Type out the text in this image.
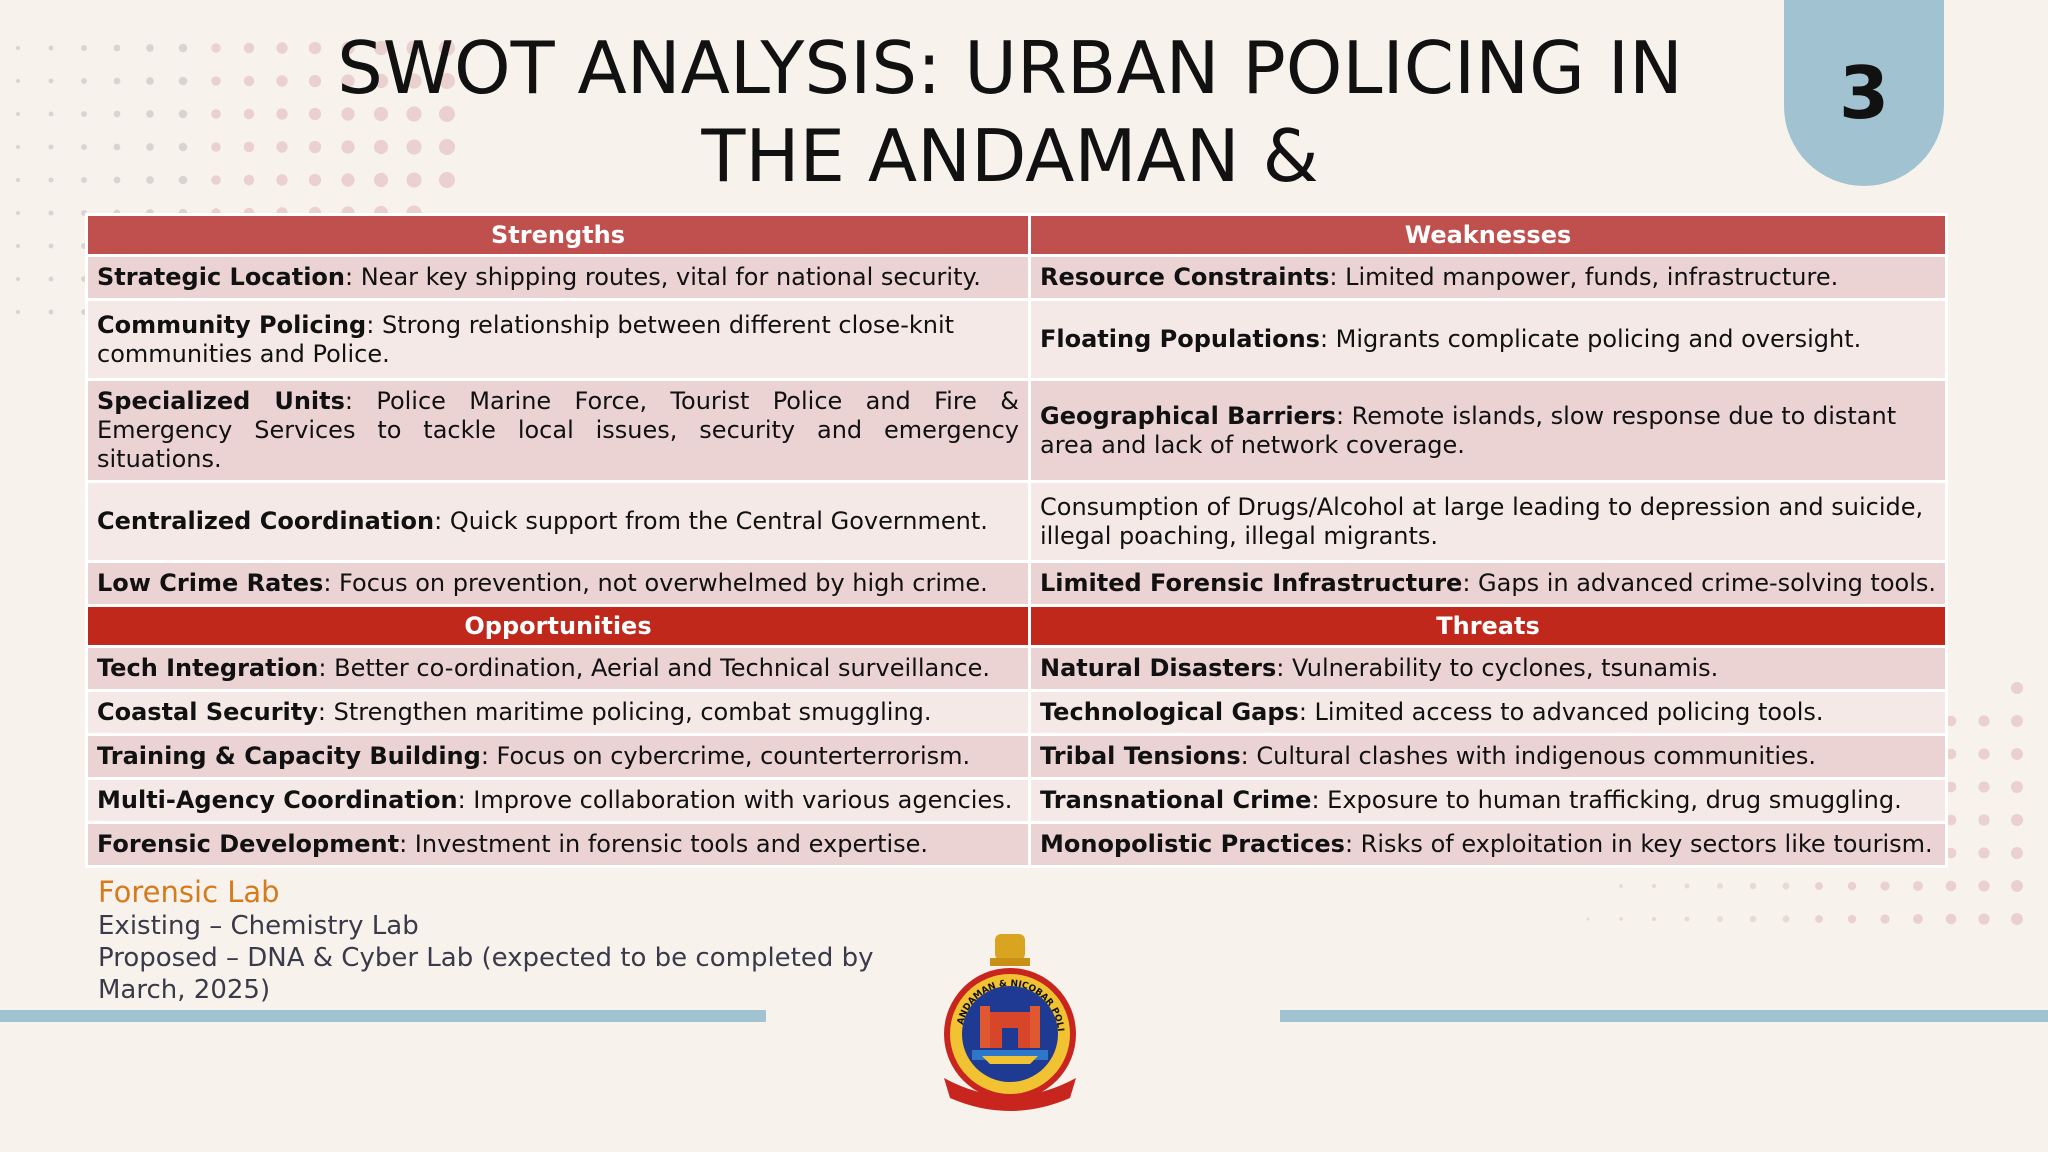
SWOT ANALYSIS: URBAN POLICING IN THE ANDAMAN &
3
Strengths	Weaknesses
Strategic Location: Near key shipping routes, vital for national security.	Resource Constraints: Limited manpower, funds, infrastructure.
Community Policing: Strong relationship between different close-knit communities and Police.	Floating Populations: Migrants complicate policing and oversight.
Specialized Units: Police Marine Force, Tourist Police and Fire & Emergency Services to tackle local issues, security and emergency situations.	Geographical Barriers: Remote islands, slow response due to distant area and lack of network coverage.
Centralized Coordination: Quick support from the Central Government.	Consumption of Drugs/Alcohol at large leading to depression and suicide, illegal poaching, illegal migrants.
Low Crime Rates: Focus on prevention, not overwhelmed by high crime.	Limited Forensic Infrastructure: Gaps in advanced crime-solving tools.
Opportunities	Threats
Tech Integration: Better co-ordination, Aerial and Technical surveillance.	Natural Disasters: Vulnerability to cyclones, tsunamis.
Coastal Security: Strengthen maritime policing, combat smuggling.	Technological Gaps: Limited access to advanced policing tools.
Training & Capacity Building: Focus on cybercrime, counterterrorism.	Tribal Tensions: Cultural clashes with indigenous communities.
Multi-Agency Coordination: Improve collaboration with various agencies.	Transnational Crime: Exposure to human trafficking, drug smuggling.
Forensic Development: Investment in forensic tools and expertise.	Monopolistic Practices: Risks of exploitation in key sectors like tourism.
Forensic Lab
Existing – Chemistry Lab
Proposed – DNA & Cyber Lab (expected to be completed by March, 2025)
ANDAMAN & NICOBAR POLI
